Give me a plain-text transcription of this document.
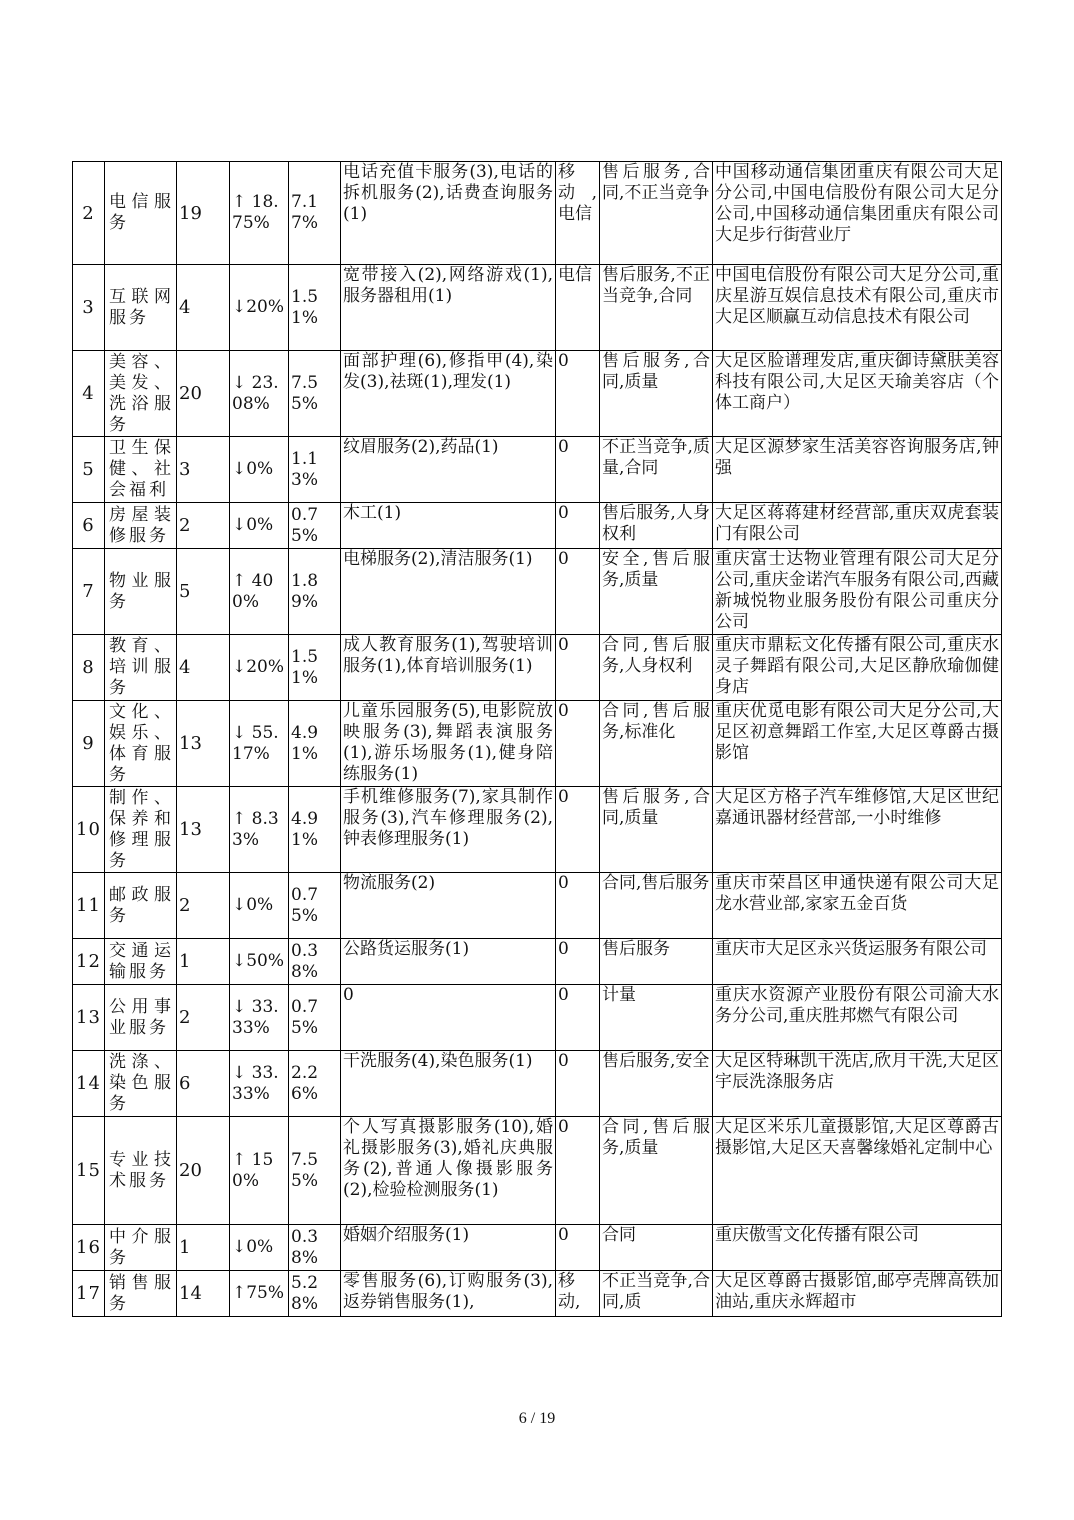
2	电信服务	19	↑ 18.75%	7.17%	电话充值卡服务(3),电话的拆机服务(2),话费查询服务(1)	移动,电信	售后服务,合同,不正当竞争	中国移动通信集团重庆有限公司大足分公司,中国电信股份有限公司大足分公司,中国移动通信集团重庆有限公司大足步行街营业厅
3	互联网服务	4	↓20%	1.51%	宽带接入(2),网络游戏(1),服务器租用(1)	电信	售后服务,不正当竞争,合同	中国电信股份有限公司大足分公司,重庆星游互娱信息技术有限公司,重庆市大足区顺赢互动信息技术有限公司
4	美容、美发、洗浴服务	20	↓ 23.08%	7.55%	面部护理(6),修指甲(4),染发(3),祛斑(1),理发(1)	0	售后服务,合同,质量	大足区脸谱理发店,重庆御诗黛肤美容科技有限公司,大足区天瑜美容店（个体工商户）
5	卫生保健、社会福利	3	↓0%	1.13%	纹眉服务(2),药品(1)	0	不正当竞争,质量,合同	大足区源梦家生活美容咨询服务店,钟强
6	房屋装修服务	2	↓0%	0.75%	木工(1)	0	售后服务,人身权利	大足区蒋蒋建材经营部,重庆双虎套装门有限公司
7	物业服务	5	↑ 400%	1.89%	电梯服务(2),清洁服务(1)	0	安全,售后服务,质量	重庆富士达物业管理有限公司大足分公司,重庆金诺汽车服务有限公司,西藏新城悦物业服务股份有限公司重庆分公司
8	教育、培训服务	4	↓20%	1.51%	成人教育服务(1),驾驶培训服务(1),体育培训服务(1)	0	合同,售后服务,人身权利	重庆市鼎耘文化传播有限公司,重庆水灵子舞蹈有限公司,大足区静欣瑜伽健身店
9	文化、娱乐、体育服务	13	↓ 55.17%	4.91%	儿童乐园服务(5),电影院放映服务(3),舞蹈表演服务(1),游乐场服务(1),健身陪练服务(1)	0	合同,售后服务,标准化	重庆优觅电影有限公司大足分公司,大足区初意舞蹈工作室,大足区尊爵古摄影馆
10	制作、保养和修理服务	13	↑ 8.33%	4.91%	手机维修服务(7),家具制作服务(3),汽车修理服务(2),钟表修理服务(1)	0	售后服务,合同,质量	大足区方格子汽车维修馆,大足区世纪嘉通讯器材经营部,一小时维修
11	邮政服务	2	↓0%	0.75%	物流服务(2)	0	合同,售后服务	重庆市荣昌区申通快递有限公司大足龙水营业部,家家五金百货
12	交通运输服务	1	↓50%	0.38%	公路货运服务(1)	0	售后服务	重庆市大足区永兴货运服务有限公司
13	公用事业服务	2	↓ 33.33%	0.75%	0	0	计量	重庆水资源产业股份有限公司渝大水务分公司,重庆胜邦燃气有限公司
14	洗涤、染色服务	6	↓ 33.33%	2.26%	干洗服务(4),染色服务(1)	0	售后服务,安全	大足区特琳凯干洗店,欣月干洗,大足区宇辰洗涤服务店
15	专业技术服务	20	↑ 150%	7.55%	个人写真摄影服务(10),婚礼摄影服务(3),婚礼庆典服务(2),普通人像摄影服务(2),检验检测服务(1)	0	合同,售后服务,质量	大足区米乐儿童摄影馆,大足区尊爵古摄影馆,大足区天喜馨缘婚礼定制中心
16	中介服务	1	↓0%	0.38%	婚姻介绍服务(1)	0	合同	重庆傲雪文化传播有限公司
17	销售服务	14	↑75%	5.28%	零售服务(6),订购服务(3),返券销售服务(1),	移动,	不正当竞争,合同,质	大足区尊爵古摄影馆,邮亭壳牌高铁加油站,重庆永辉超市
6 / 19
